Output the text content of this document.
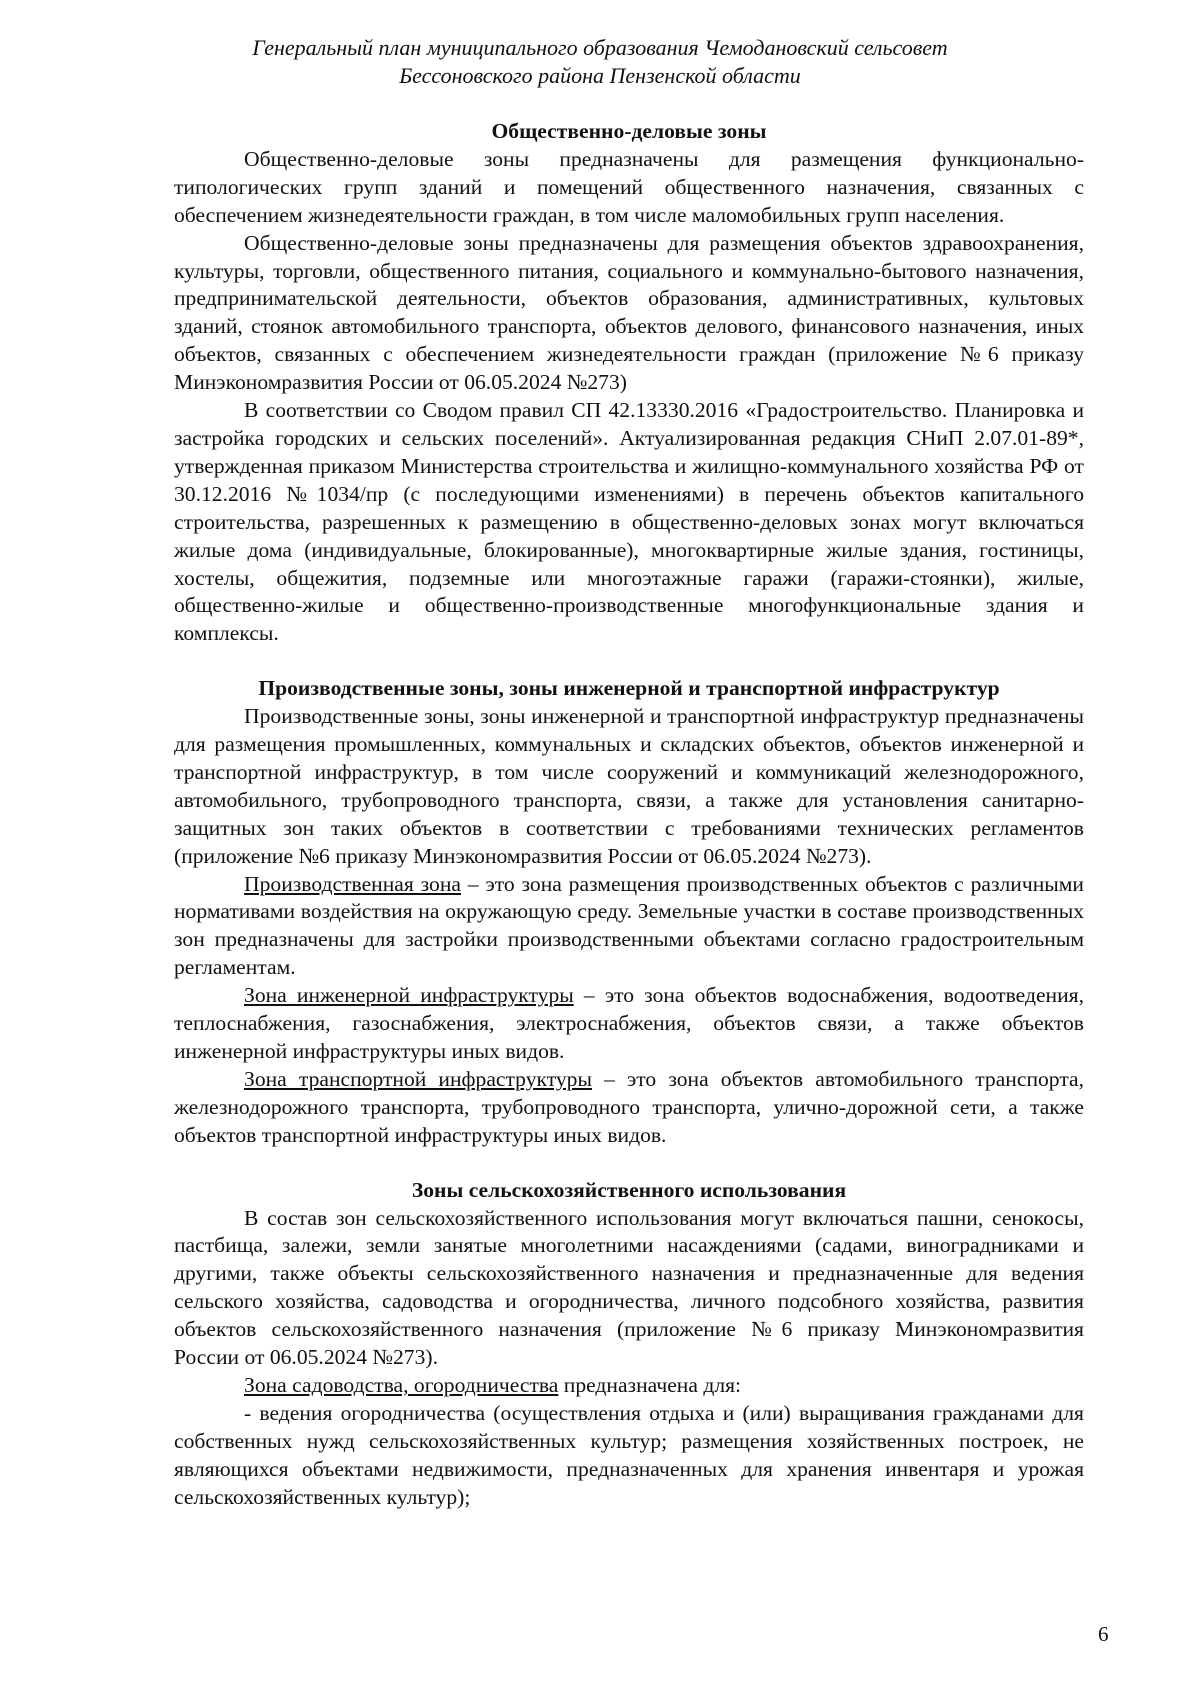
Генеральный план муниципального образования Чемодановский сельсовет
Бессоновского района Пензенской области
Общественно-деловые зоны

Общественно-деловые зоны предназначены для размещения функционально-типологических групп зданий и помещений общественного назначения, связанных с обеспечением жизнедеятельности граждан, в том числе маломобильных групп населения.

Общественно-деловые зоны предназначены для размещения объектов здравоохранения, культуры, торговли, общественного питания, социального и коммунально-бытового назначения, предпринимательской деятельности, объектов образования, административных, культовых зданий, стоянок автомобильного транспорта, объектов делового, финансового назначения, иных объектов, связанных с обеспечением жизнедеятельности граждан (приложение №6 приказу Минэкономразвития России от 06.05.2024 №273)

В соответствии со Сводом правил СП 42.13330.2016 «Градостроительство. Планировка и застройка городских и сельских поселений». Актуализированная редакция СНиП 2.07.01-89*, утвержденная приказом Министерства строительства и жилищно-коммунального хозяйства РФ от 30.12.2016 №1034/пр (с последующими изменениями) в перечень объектов капитального строительства, разрешенных к размещению в общественно-деловых зонах могут включаться жилые дома (индивидуальные, блокированные), многоквартирные жилые здания, гостиницы, хостелы, общежития, подземные или многоэтажные гаражи (гаражи-стоянки), жилые, общественно-жилые и общественно-производственные многофункциональные здания и комплексы.

Производственные зоны, зоны инженерной и транспортной инфраструктур

Производственные зоны, зоны инженерной и транспортной инфраструктур предназначены для размещения промышленных, коммунальных и складских объектов, объектов инженерной и транспортной инфраструктур, в том числе сооружений и коммуникаций железнодорожного, автомобильного, трубопроводного транспорта, связи, а также для установления санитарно-защитных зон таких объектов в соответствии с требованиями технических регламентов (приложение №6 приказу Минэкономразвития России от 06.05.2024 №273).

Производственная зона – это зона размещения производственных объектов с различными нормативами воздействия на окружающую среду. Земельные участки в составе производственных зон предназначены для застройки производственными объектами согласно градостроительным регламентам.

Зона инженерной инфраструктуры – это зона объектов водоснабжения, водоотведения, теплоснабжения, газоснабжения, электроснабжения, объектов связи, а также объектов инженерной инфраструктуры иных видов.

Зона транспортной инфраструктуры – это зона объектов автомобильного транспорта, железнодорожного транспорта, трубопроводного транспорта, улично-дорожной сети, а также объектов транспортной инфраструктуры иных видов.

Зоны сельскохозяйственного использования

В состав зон сельскохозяйственного использования могут включаться пашни, сенокосы, пастбища, залежи, земли занятые многолетними насаждениями (садами, виноградниками и другими, также объекты сельскохозяйственного назначения и предназначенные для ведения сельского хозяйства, садоводства и огородничества, личного подсобного хозяйства, развития объектов сельскохозяйственного назначения (приложение №6 приказу Минэкономразвития России от 06.05.2024 №273).

Зона садоводства, огородничества предназначена для:

- ведения огородничества (осуществления отдыха и (или) выращивания гражданами для собственных нужд сельскохозяйственных культур; размещения хозяйственных построек, не являющихся объектами недвижимости, предназначенных для хранения инвентаря и урожая сельскохозяйственных культур);

6
